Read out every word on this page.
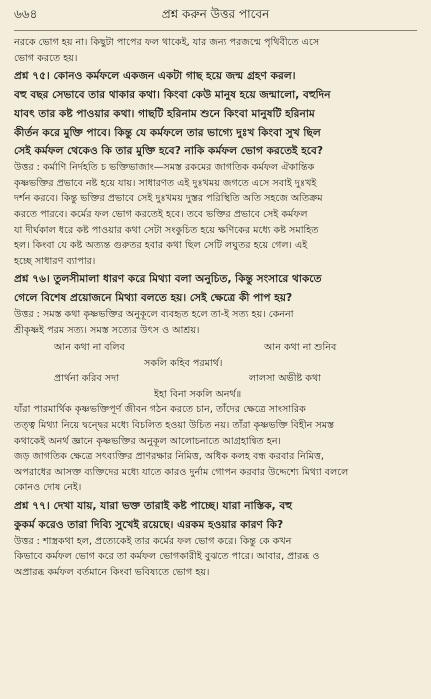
৬৬৪	প্রশ্ন করুন উত্তর পাবেন
নরকে ভোগ হয় না। কিছুটা পাপের ফল থাকেই, যার জন্য পরজন্মে পৃথিবীতে এসে
ভোগ করতে হয়।
প্রশ্ন ৭৫। কোনও কর্মফলে একজন একটা গাছ হয়ে জন্ম গ্রহণ করল।
বহু বছর সেভাবে তার থাকার কথা। কিংবা কেউ মানুষ হয়ে জন্মালো, বহুদিন
যাবৎ তার কষ্ট পাওয়ার কথা। গাছটি হরিনাম শুনে কিংবা মানুষটি হরিনাম
কীর্তন করে মুক্তি পাবে। কিন্তু যে কর্মফলে তার ভাগ্যে দুঃখ কিংবা সুখ ছিল
সেই কর্মফল থেকেও কি তার মুক্তি হবে? নাকি কর্মফল ভোগ করতেই হবে?
উত্তর : কর্মাণি নির্দহতি চ ভক্তিভাজাং—সমস্ত রকমের জাগতিক কর্মফল ঐকান্তিক
কৃষ্ণভক্তির প্রভাবে নষ্ট হয়ে যায়। সাধারণত এই দুঃখময় জগতে এসে সবাই দুঃখই
দর্শন করবে। কিন্তু ভক্তির প্রভাবে সেই দুঃখময় দুস্তর পরিস্থিতি অতি সহজে অতিক্রম
করতে পারবে। কর্মের ফল ভোগ করতেই হবে। তবে ভক্তির প্রভাবে সেই কর্মফল
যা দীর্ঘকাল ধরে কষ্ট পাওয়ার কথা সেটা সংকুচিত হয়ে ক্ষণিকের মধ্যে কষ্ট সমাহিত
হল। কিংবা যে কষ্ট অত্যন্ত গুরুতর হবার কথা ছিল সেটি লঘুতর হয়ে গেল। এই
হচ্ছে সাধারণ ব্যাপার।
প্রশ্ন ৭৬। তুলসীমালা ধারণ করে মিথ্যা বলা অনুচিত, কিন্তু সংসারে থাকতে
গেলে বিশেষ প্রয়োজনে মিথ্যা বলতে হয়। সেই ক্ষেত্রে কী পাপ হয়?
উত্তর : সমস্ত কথা কৃষ্ণভক্তির অনুকূলে ব্যবহৃত হলে তা-ই সত্য হয়। কেননা
শ্রীকৃষ্ণই পরম সত্য। সমস্ত সত্যের উৎস ও আশ্রয়।
আন কথা না বলিব	আন কথা না শুনিব
সকলি কহিব পরমার্থ।
প্রার্থনা করিব সদা	লালসা অভীষ্ট কথা
ইহা বিনা সকলি অনর্থ॥
যাঁরা পারমার্থিক কৃষ্ণভক্তিপূর্ণ জীবন গঠন করতে চান, তাঁদের ক্ষেত্রে সাংসারিক
তত্ত্ব মিথ্যা নিয়ে দ্বন্দ্বের মধ্যে বিচলিত হওয়া উচিত নয়। তাঁরা কৃষ্ণভক্তি বিহীন সমস্ত
কথাকেই অনর্থ জ্ঞানে কৃষ্ণভক্তির অনুকূল আলোচনাতে আগ্রহান্বিত হন।
জড় জাগতিক ক্ষেত্রে সৎব্যক্তির প্রাণরক্ষার নিমিত্ত, অধিক কলহ বন্ধ করবার নিমিত্ত,
অপরাধের আসক্ত ব্যক্তিদের মধ্যে যাতে কারও দুর্নাম গোপন করবার উদ্দেশ্যে মিথ্যা বললে
কোনও দোষ নেই।
প্রশ্ন ৭৭। দেখা যায়, যারা ভক্ত তারাই কষ্ট পাচ্ছে। যারা নাস্তিক, বহু
কুকর্ম করেও তারা দিব্যি সুখেই রয়েছে। এরকম হওয়ার কারণ কি?
উত্তর : শাস্ত্রকথা হল, প্রত্যেকেই তার কর্মের ফল ভোগ করে। কিন্তু কে কখন
কিভাবে কর্মফল ভোগ করে তা কর্মফল ভোগকারীই বুঝতে পারে। আবার, প্রারব্ধ ও
অপ্রারব্ধ কর্মফল বর্তমানে কিংবা ভবিষ্যতে ভোগ হয়।
